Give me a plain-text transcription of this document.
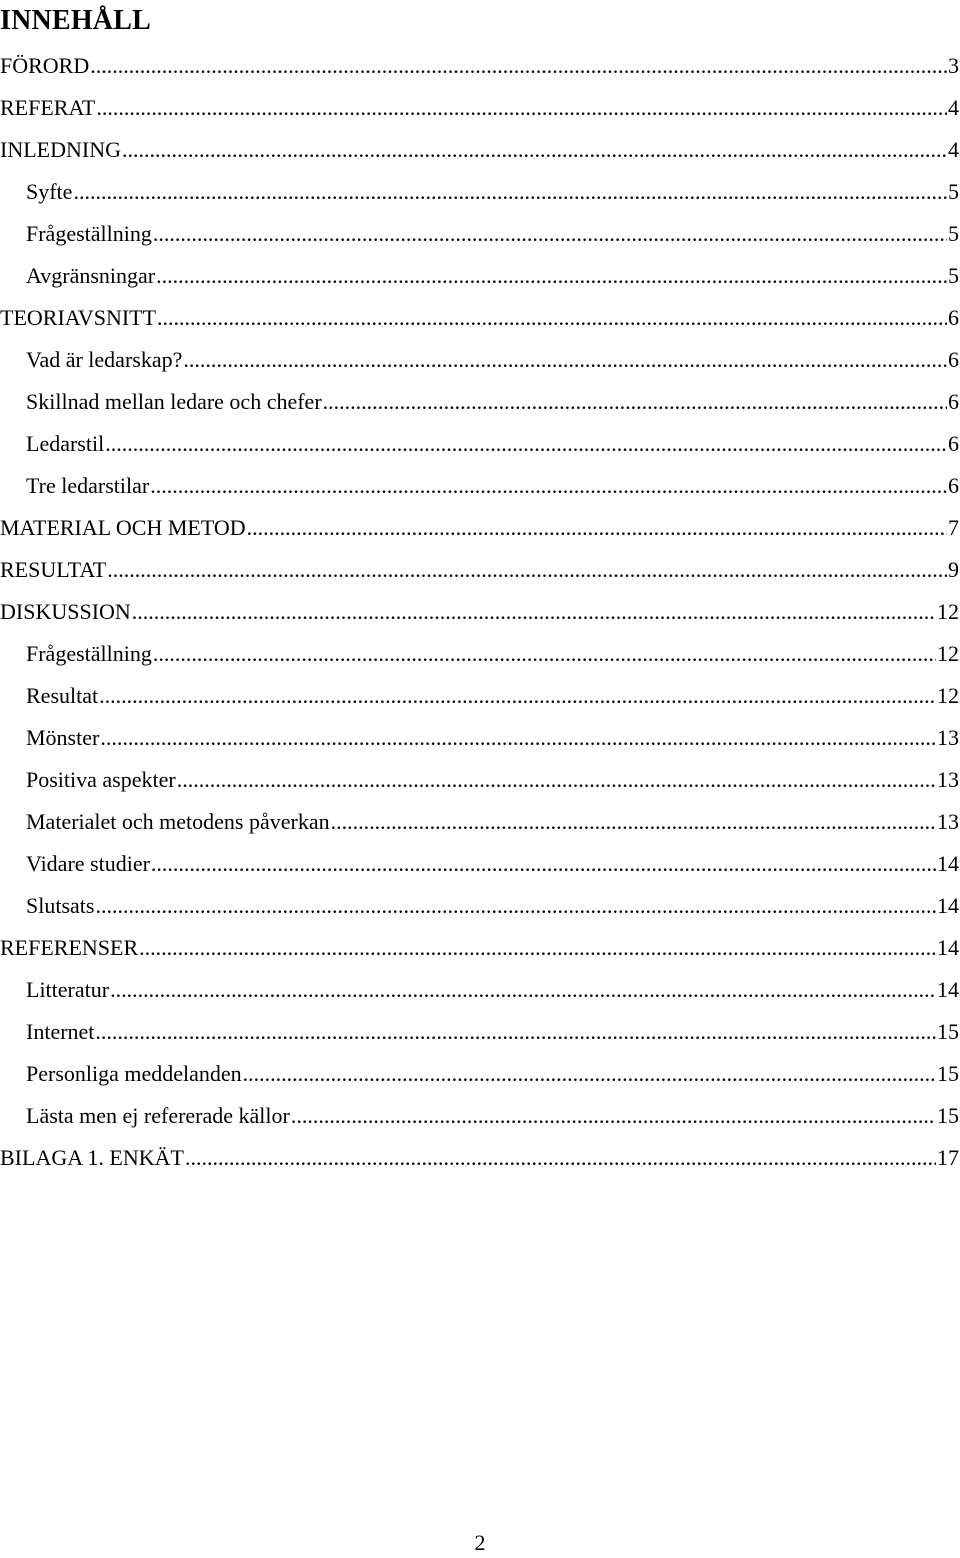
INNEHÅLL
FÖRORD .....	3
REFERAT .....	4
INLEDNING .....	4
Syfte .....	5
Frågeställning .....	5
Avgränsningar .....	5
TEORIAVSNITT .....	6
Vad är ledarskap? .....	6
Skillnad mellan ledare och chefer .....	6
Ledarstil .....	6
Tre ledarstilar .....	6
MATERIAL OCH METOD .....	7
RESULTAT .....	9
DISKUSSION .....	12
Frågeställning .....	12
Resultat .....	12
Mönster .....	13
Positiva aspekter .....	13
Materialet och metodens påverkan .....	13
Vidare studier .....	14
Slutsats .....	14
REFERENSER .....	14
Litteratur .....	14
Internet .....	15
Personliga meddelanden .....	15
Lästa men ej refererade källor .....	15
BILAGA 1. ENKÄT .....	17
2
